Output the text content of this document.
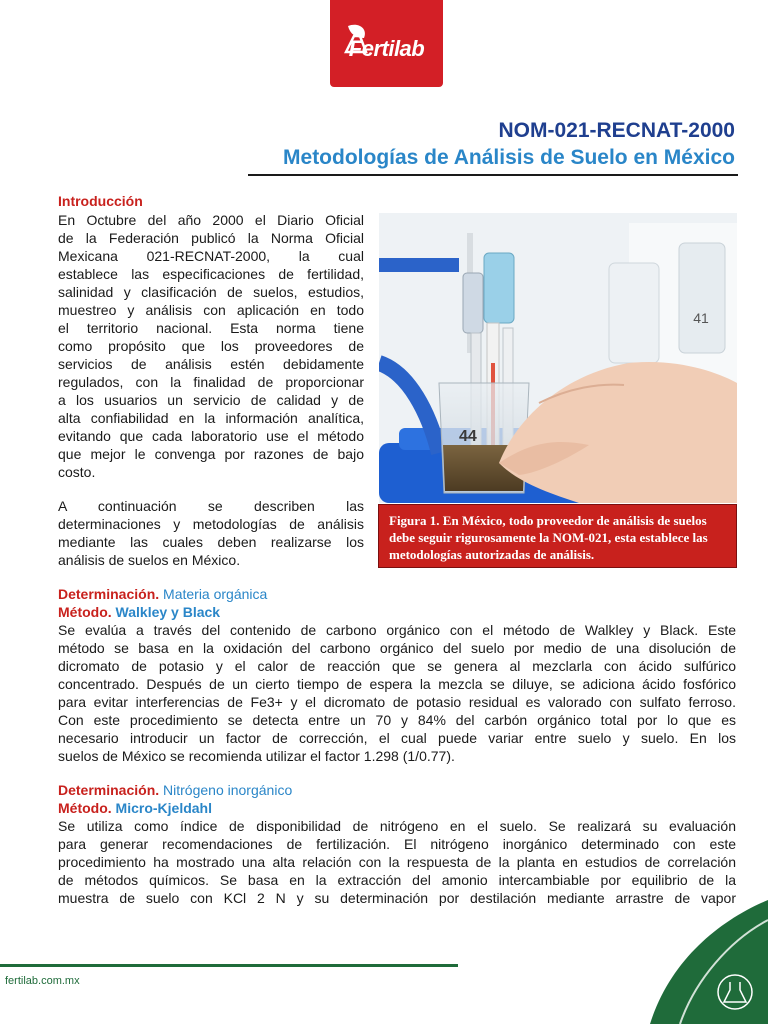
Fertilab
NOM-021-RECNAT-2000
Metodologías de Análisis de Suelo en México
Introducción
En Octubre del año 2000 el Diario Oficial
de la Federación publicó la Norma Oficial
Mexicana 021-RECNAT-2000, la cual
establece las especificaciones de fertilidad,
salinidad y clasificación de suelos, estudios,
muestreo y análisis con aplicación en todo
el territorio nacional. Esta norma tiene
como propósito que los proveedores de
servicios de análisis estén debidamente
regulados, con la finalidad de proporcionar
a los usuarios un servicio de calidad y de
alta confiabilidad en la información analítica,
evitando que cada laboratorio use el método
que mejor le convenga por razones de bajo
costo.
A continuación se describen las
determinaciones y metodologías de análisis
mediante las cuales deben realizarse los
análisis de suelos en México.
41
44
Figura 1. En México, todo proveedor de análisis de suelos debe seguir rigurosamente la NOM-021, esta establece las metodologías autorizadas de análisis.
Determinación. Materia orgánica
Método. Walkley y Black
Se evalúa a través del contenido de carbono orgánico con el método de Walkley y Black. Este
método se basa en la oxidación del carbono orgánico del suelo por medio de una disolución de
dicromato de potasio y el calor de reacción que se genera al mezclarla con ácido sulfúrico
concentrado. Después de un cierto tiempo de espera la mezcla se diluye, se adiciona ácido fosfórico
para evitar interferencias de Fe3+ y el dicromato de potasio residual es valorado con sulfato ferroso.
Con este procedimiento se detecta entre un 70 y 84% del carbón orgánico total por lo que es
necesario introducir un factor de corrección, el cual puede variar entre suelo y suelo. En los
suelos de México se recomienda utilizar el factor 1.298 (1/0.77).
Determinación. Nitrógeno inorgánico
Método. Micro-Kjeldahl
Se utiliza como índice de disponibilidad de nitrógeno en el suelo. Se realizará su evaluación
para generar recomendaciones de fertilización. El nitrógeno inorgánico determinado con este
procedimiento ha mostrado una alta relación con la respuesta de la planta en estudios de correlación
de métodos químicos. Se basa en la extracción del amonio intercambiable por equilibrio de la
muestra de suelo con KCl 2 N y su determinación por destilación mediante arrastre de vapor
fertilab.com.mx
